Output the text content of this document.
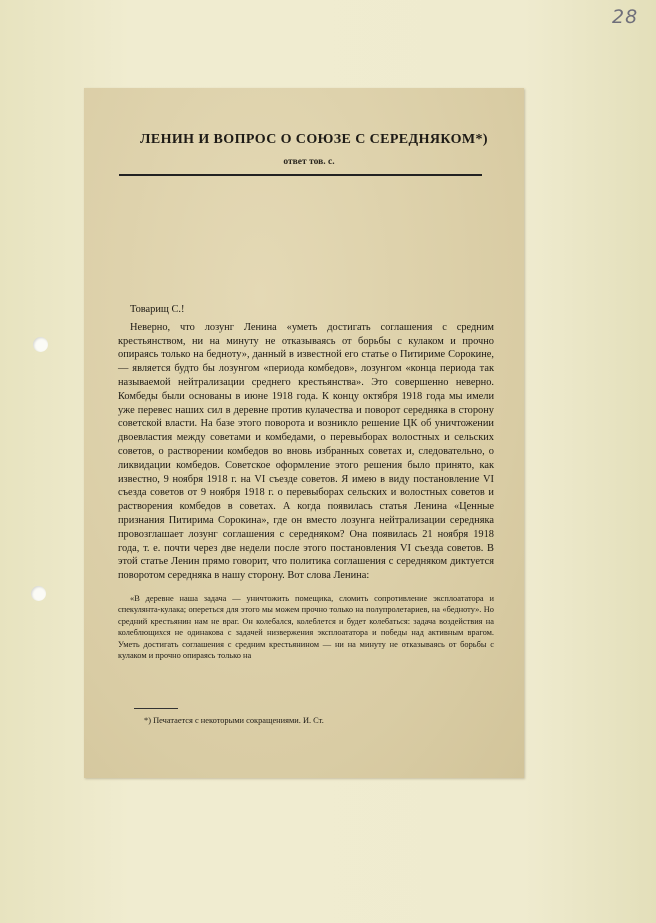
28
ЛЕНИН И ВОПРОС О СОЮЗЕ С СЕРЕДНЯКОМ*)
ответ тов. с.
Товарищ С.!

Неверно, что лозунг Ленина «уметь достигать соглашения с средним крестьянством, ни на минуту не отказываясь от борьбы с кулаком и прочно опираясь только на бедноту», данный в известной его статье о Питириме Сорокине, — является будто бы лозунгом «периода комбедов», лозунгом «конца периода так называемой нейтрализации среднего крестьянства». Это совершенно неверно. Комбеды были основаны в июне 1918 года. К концу октября 1918 года мы имели уже перевес наших сил в деревне против кулачества и поворот середняка в сторону советской власти. На базе этого поворота и возникло решение ЦК об уничтожении двоевластия между советами и комбедами, о перевыборах волостных и сельских советов, о растворении комбедов во вновь избранных советах и, следовательно, о ликвидации комбедов. Советское оформление этого решения было принято, как известно, 9 ноября 1918 г. на VI съезде советов. Я имею в виду постановление VI съезда советов от 9 ноября 1918 г. о перевыборах сельских и волостных советов и растворения комбедов в советах. А когда появилась статья Ленина «Ценные признания Питирима Сорокина», где он вместо лозунга нейтрализации середняка провозглашает лозунг соглашения с середняком? Она появилась 21 ноября 1918 года, т. е. почти через две недели после этого постановления VI съезда советов. В этой статье Ленин прямо говорит, что политика соглашения с середняком диктуется поворотом середняка в нашу сторону. Вот слова Ленина:

«В деревне наша задача — уничтожить помещика, сломить сопротивление эксплоататора и спекулянта-кулака; опереться для этого мы можем прочно только на полупролетариев, на «бедноту». Но средний крестьянин нам не враг. Он колебался, колеблется и будет колебаться: задача воздействия на колеблющихся не одинакова с задачей низвержения эксплоататора и победы над активным врагом. Уметь достигать соглашения с средним крестьянином — ни на минуту не отказываясь от борьбы с кулаком и прочно опираясь только на

*) Печатается с некоторыми сокращениями. И. Ст.
